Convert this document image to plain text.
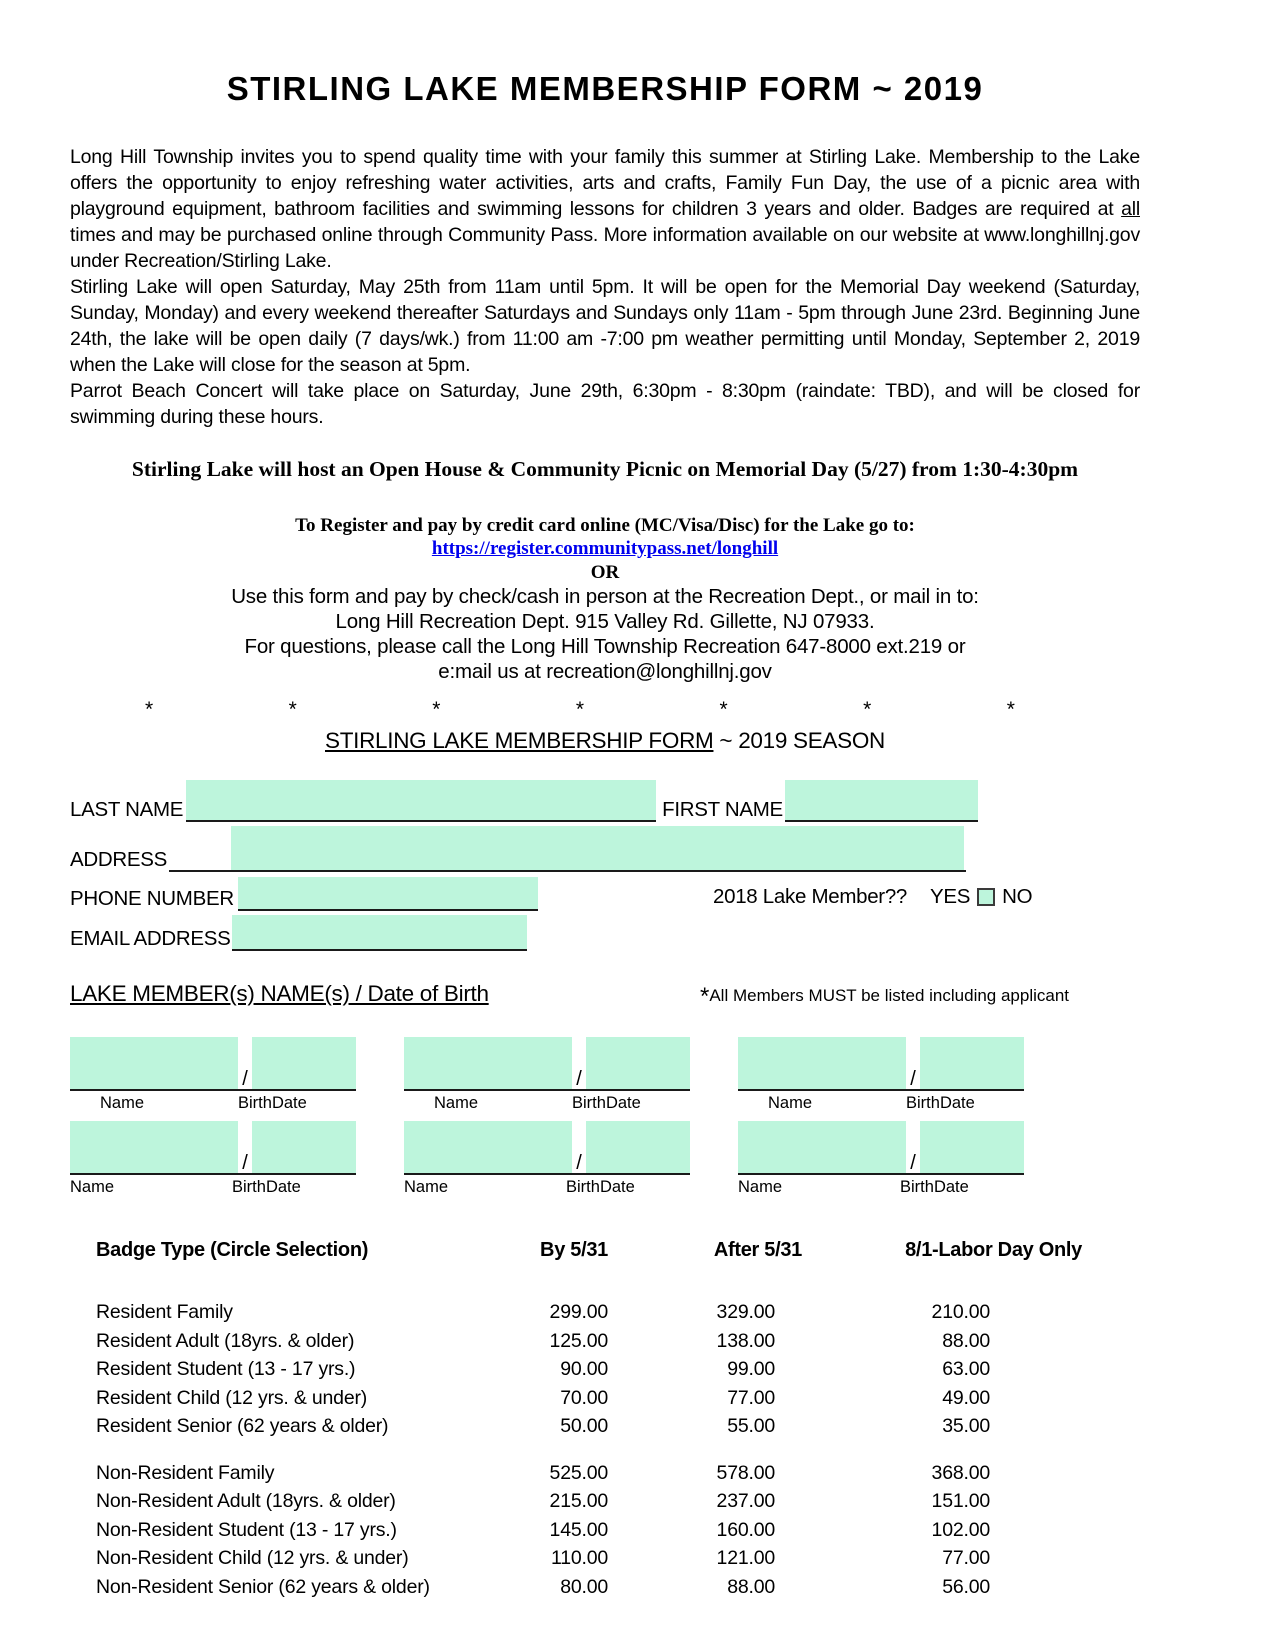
STIRLING LAKE MEMBERSHIP FORM ~ 2019

Long Hill Township invites you to spend quality time with your family this summer at Stirling Lake. Membership to the Lake offers the opportunity to enjoy refreshing water activities, arts and crafts, Family Fun Day, the use of a picnic area with playground equipment, bathroom facilities and swimming lessons for children 3 years and older. Badges are required at all times and may be purchased online through Community Pass. More information available on our website at www.longhillnj.gov under Recreation/Stirling Lake.

Stirling Lake will open Saturday, May 25th from 11am until 5pm. It will be open for the Memorial Day weekend (Saturday, Sunday, Monday) and every weekend thereafter Saturdays and Sundays only 11am - 5pm through June 23rd. Beginning June 24th, the lake will be open daily (7 days/wk.) from 11:00 am -7:00 pm weather permitting until Monday, September 2, 2019 when the Lake will close for the season at 5pm.

Parrot Beach Concert will take place on Saturday, June 29th, 6:30pm - 8:30pm (raindate: TBD), and will be closed for swimming during these hours.

Stirling Lake will host an Open House & Community Picnic on Memorial Day (5/27) from 1:30-4:30pm
To Register and pay by credit card online (MC/Visa/Disc) for the Lake go to:
https://register.communitypass.net/longhill
OR
Use this form and pay by check/cash in person at the Recreation Dept., or mail in to:
Long Hill Recreation Dept. 915 Valley Rd. Gillette, NJ 07933.
For questions, please call the Long Hill Township Recreation 647-8000 ext.219 or
e:mail us at recreation@longhillnj.gov
*	*	*	*	*	*	*
STIRLING LAKE MEMBERSHIP FORM ~ 2019 SEASON
LAST NAME	FIRST NAME
ADDRESS
PHONE NUMBER	2018 Lake Member?? YES NO
EMAIL ADDRESS
LAKE MEMBER(s) NAME(s) / Date of Birth	*All Members MUST be listed including applicant
/
Name	BirthDate
/
Name	BirthDate
/
Name	BirthDate
/
Name	BirthDate
/
Name	BirthDate
/
Name	BirthDate
Badge Type (Circle Selection)	By 5/31	After 5/31	8/1-Labor Day Only
Resident Family	299.00	329.00	210.00
Resident Adult (18yrs. & older)	125.00	138.00	88.00
Resident Student (13 - 17 yrs.)	90.00	99.00	63.00
Resident Child (12 yrs. & under)	70.00	77.00	49.00
Resident Senior (62 years & older)	50.00	55.00	35.00
Non-Resident Family	525.00	578.00	368.00
Non-Resident Adult (18yrs. & older)	215.00	237.00	151.00
Non-Resident Student (13 - 17 yrs.)	145.00	160.00	102.00
Non-Resident Child (12 yrs. & under)	110.00	121.00	77.00
Non-Resident Senior (62 years & older)	80.00	88.00	56.00
